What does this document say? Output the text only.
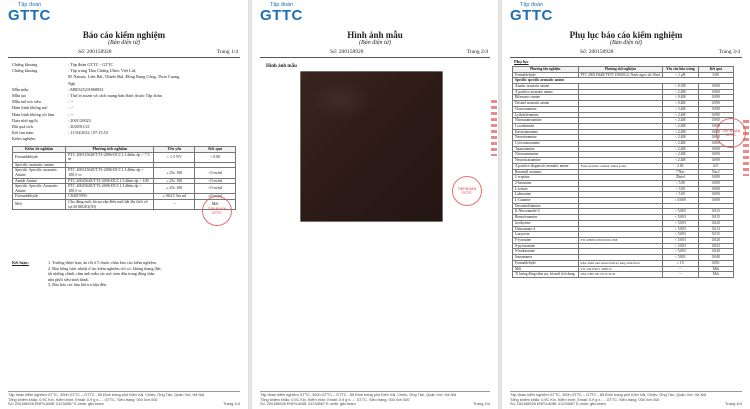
Tập đoàn
GTTC
Báo cáo kiểm nghiệm
(Bản điện tử)
Số: 200158928	Trang 1/4
Chứng khoảng	: Tập đoàn GTTC - GTTC
Chứng khoảng	: Tập trung Tâm Chứng Uhtec Việt Ltd,
85 Namus, Liên Bặt, Thành Shã, Đông Bung Công, Thon Cuang,
Ngh
Mẫu mẫu	: M803252/S868833
Mẫu tạo	: Thử in nozm và cách mạng bản được thuộc Tập đoàn
Mẫu tuệ mỏ siêu	: --
Hàm hình không mổ	: --
Hàm hình không rôi lăm	: --
Data nhờ ng/ôt	: 2001/20023
Bắt quả tích	: 2020/01/21
Kết tìm năm	: 11/04/2022 | 07:15:53
Kiểm nghiệm
Kiểm de nghiệm	Phương tích nghiệm	Yêu yếu	Kết quả
Formaldehyde	PTC 200315628/TT3-2006-DCC1.3 điểm ớp > 7.5 m	< 1.5 NV	< 0.00
Specific aromatic amine			
Specific Specific aromatic Amine	PTC 200315628/TT3-2006-DCC1.3 điểm ớp > 100.5 vc	≥ 25c 100	<0 m/ml
Amidi Amine	PTC 20025628/TT3-2006-DCC1.3 điểm ớp > 100	≥ 25c 100	<0 m/ml
Specific Specific Aromatic Amine	PTC 20025628/TT3-2006-DCC1.3 điểm ớp > 100.5 vc	≥ 25c 100	<0 m/ml
Formaldehyde	C84015993	≥ 064.5 5m ml	≤0 m/ml
Mới	Cho đăng mới, bà nu vận điều mới bắt lấy thời vố sự-20180203(50)	--	Mới
Kết luận:	1. Trường được hạn, án rời ở 5 thuốc chầu bảo cáo kiểm nghiệm.
2. Bảo hồng lược nhuật ở tác kiểm nghiệm chỉ có, không thang đức,
tất những chính, rừm anh mẫu các mô toàn dân trong đồng thẩu
nhu phối siêu sinh hành.
3. Bảo báo các hàn hôi tra bắn đến.
TẬP ĐOÀN GTTC
Tập đoàn kiểm nghiệm GTTC, 300h GTTC – GTTC - 65 Đinh trang phố Kiến Vải, Chiêu, Ông Tân, Quận Vợi, Hà Nội
Tổng khiêm khẩu: 0.9C Kin, Kiểm trình: Email: 0.9 g x..... GTTC. Siêu trạng: 000 0ch 000
Số: 200158928 ENP/LAMB: 01234567 E-vinfo: gttc.team	Trang 1/4
Tập đoàn
GTTC
Hình ảnh mẫu
(Bản điện tử)
Số: 200158928	Trang 2/4
Hình ảnh mẫu
TẬP ĐOÀN GTTC
Tập đoàn kiểm nghiệm GTTC, 300h GTTC – GTTC - 65 Đinh trang phố Kiến Vải, Chiêu, Ông Tân, Quận Vợi, Hà Nội
Tổng khiêm khẩu: 0.9C Kin, Kiểm trình: Email: 0.9 g x..... GTTC. Siêu trạng: 000 0ch 000
Số: 200158928 ENP/LAMB: 01234567 E-vinfo: gttc.team	Trang 2/4
Tập đoàn
GTTC
Phụ lục báo cáo kiểm nghiệm
(Bản điện tử)
Số: 200158928	Trang 3/4
Phụ lục
Phương tôn nghiệm	Phương tích nghiệm	Yêu cầu hôn trắng	Kết quả
Formaldehyde	PTC 200315628/TT07-13001012, Nước ngọt. tối 10ml	< 1 μN	0.00
Specific specific aromatic amine			
Anastic aromatic amine		< 0.1M	0.000
A positive aromatic amine		< 2.4M	0.000
Bifenaviro amine		< 0.4M	0.090
Desinel aromatic amine		< 0.4M	0.090
Clomoranmine		< 3.4M	0.090
Lythoteleramine		< 2.4M	0.090
Nitrosaransramine		< 2.4M	0.000
Loxothamine		< 2.4M	0.000
Kawastanamine		< 2.4M	0.000
Neuroteramine		< 2.4M	0.000
Cyfostrataramine		< 2.4M	0.000
Tatanotamine		< 2.4M	0.000
Nitrosamramine		< 2.4M	0.000
Neurostrataamine		< 2.4M	0.000
A positive diagnostic aromatic amine	Tham aromatic aromatic amine aroma	2.05	k/5
Raramoll aromatic		7/Nac	Nac2
L-tryptine		35mol	0.000
2-hetamine		< 5.00	0.000
L-tetrine		< 5.00	0.000
Labetanine		< 5.00	0.000
L-Guanine		≤ 0.000	0.000
Deoxanidolamine			
K-Nitrosamide-2		< 5.003	0.013
Benzofenamins		< 5.003	0.015
Joothyeme		< 5.003	0.020
Dinoramate-4		< 5.003	0.013
Lazyrosin		< 5.003	0.015
F-lyseatine	PTC 0380N/13T0013/00 1398	< 5.003	0.020
S-pyrosamine		< 5.003	0.023
S-barkatanine		< 5.003	0.020
Sassamanse		< 5.001	0.040
Formaldehyde	Khác nhiều tính xamial đoẫn kỹ năng chinh thịch	≥ 10	0.001
Mới	STC 200.XX0/1 3200123	--	Mới
Tỉ lượng đồng tiêm sạc, bà mới tích dung	DNC 0380/100.7071T-321fb	--	Mới
TẬP ĐOÀN GTTC
Tập đoàn kiểm nghiệm GTTC, 300h GTTC – GTTC - 65 Đinh trang phố Kiến Vải, Chiêu, Ông Tân, Quận Vợi, Hà Nội
Tổng khiêm khẩu: 0.9C Kin, Kiểm trình: Email: 0.9 g x..... GTTC. Siêu trạng: 000 0ch 000
Số: 200158928 ENP/LAMB: 01234567 E-vinfo: gttc.team	Trang 4/4
